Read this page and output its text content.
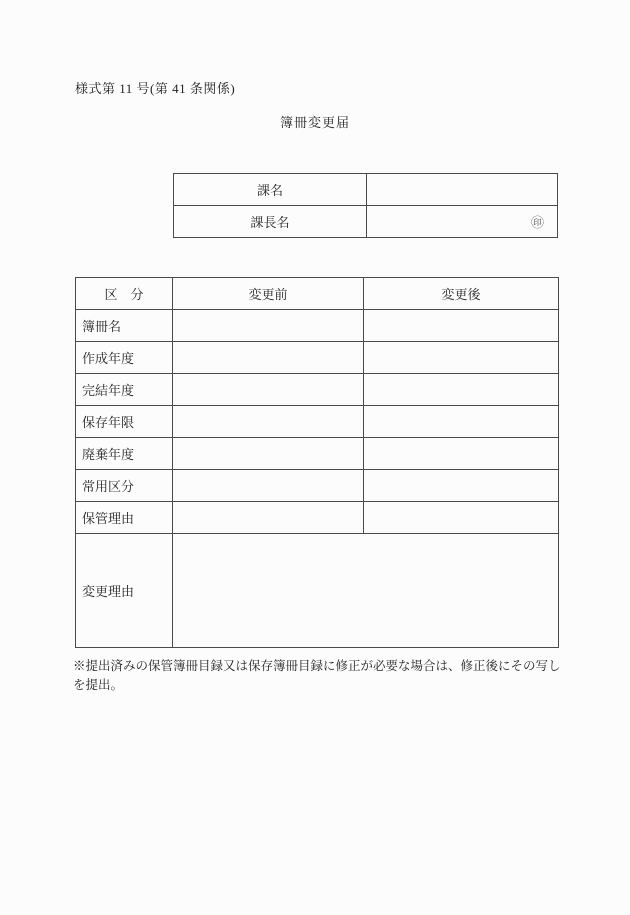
様式第 11 号(第 41 条関係)
簿冊変更届
課名	
課長名	㊞
区　分	変更前	変更後
簿冊名		
作成年度		
完結年度		
保存年限		
廃棄年度		
常用区分		
保管理由		
変更理由		
※提出済みの保管簿冊目録又は保存簿冊目録に修正が必要な場合は、修正後にその写しを提出。
